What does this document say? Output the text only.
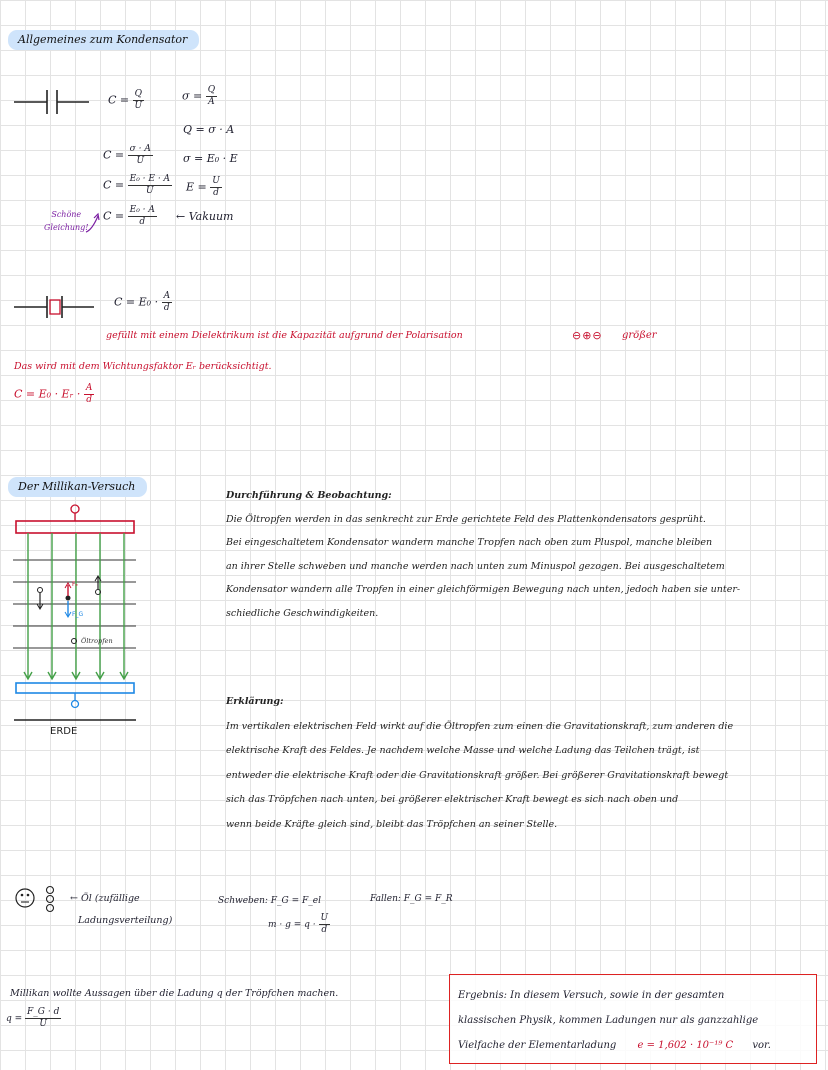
Allgemeines zum Kondensator
$C = \frac{Q}{U}$	$\sigma = \frac{Q}{A}$
Q = σ · A
$C = \frac{\sigma \cdot A}{U}$	σ = E₀ · E
$C = \frac{\text{E₀ · E · A}}{U}$ $E = \frac{U}{d}$
Schöne
Gleichung!
$C = \frac{\text{E₀ · A}}{d}$ ← Vakuum
$C = E_0 \cdot \frac{A}{d}$
gefüllt mit einem Dielektrikum ist die Kapazität aufgrund der Polarisation	⊖⊕⊖ größer
Das wird mit dem Wichtungsfaktor Eᵣ berücksichtigt.
C = E₀ · Eᵣ · $\frac{A}{d}$
Der Millikan-Versuch
Fₑ
F_G
Öltropfen
ERDE
Durchführung & Beobachtung:
Die Öltropfen werden in das senkrecht zur Erde gerichtete Feld des Plattenkondensators gesprüht.
Bei eingeschaltetem Kondensator wandern manche Tropfen nach oben zum Pluspol, manche bleiben
an ihrer Stelle schweben und manche werden nach unten zum Minuspol gezogen. Bei ausgeschaltetem
Kondensator wandern alle Tropfen in einer gleichförmigen Bewegung nach unten, jedoch haben sie unter-
schiedliche Geschwindigkeiten.
Erklärung:
Im vertikalen elektrischen Feld wirkt auf die Öltropfen zum einen die Gravitationskraft, zum anderen die
elektrische Kraft des Feldes. Je nachdem welche Masse und welche Ladung das Teilchen trägt, ist
entweder die elektrische Kraft oder die Gravitationskraft größer. Bei größerer Gravitationskraft bewegt
sich das Tröpfchen nach unten, bei größerer elektrischer Kraft bewegt es sich nach oben und
wenn beide Kräfte gleich sind, bleibt das Tröpfchen an seiner Stelle.
← Öl (zufällige
Ladungsverteilung)
Schweben: F_G = F_el
$m \cdot g = q \cdot \frac{U}{d}$
Fallen: F_G = F_R
Millikan wollte Aussagen über die Ladung q der Tröpfchen machen.
$q = \frac{F\_G \cdot d}{U}$
Ergebnis: In diesem Versuch, sowie in der gesamten
klassischen Physik, kommen Ladungen nur als ganzzahlige
Vielfache der Elementarladung e = 1,602 · 10⁻¹⁹ C vor.
